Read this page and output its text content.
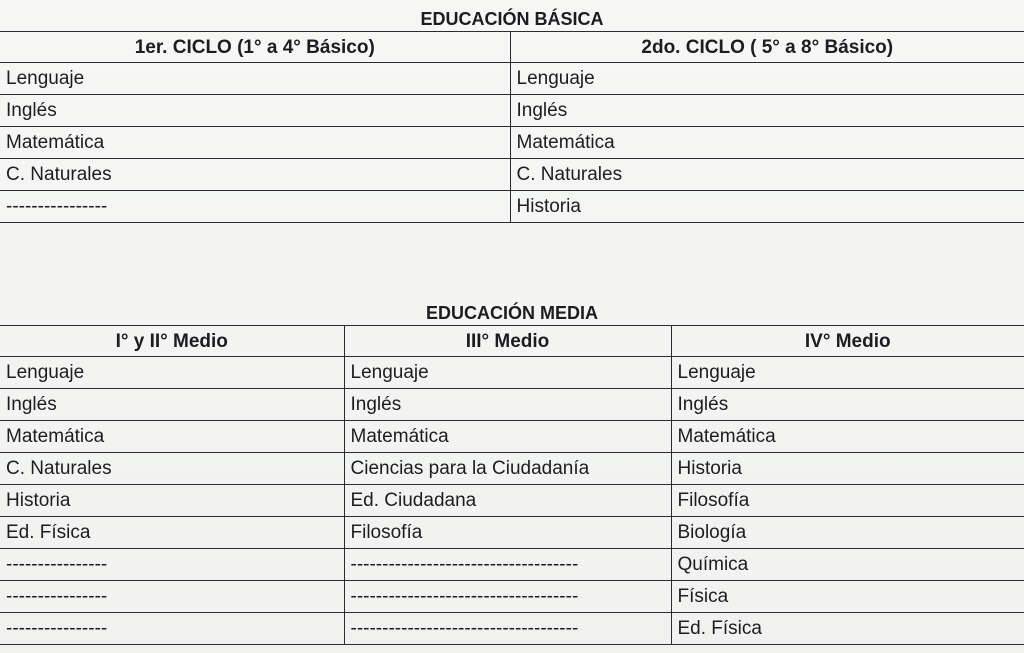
EDUCACIÓN BÁSICA	
1er. CICLO (1° a 4° Básico)	2do. CICLO ( 5° a 8° Básico)
Lenguaje	Lenguaje
Inglés	Inglés
Matemática	Matemática
C. Naturales	C. Naturales
----------------	Historia
EDUCACIÓN MEDIA		
I° y II° Medio	III° Medio	IV° Medio
Lenguaje	Lenguaje	Lenguaje
Inglés	Inglés	Inglés
Matemática	Matemática	Matemática
C. Naturales	Ciencias para la Ciudadanía	Historia
Historia	Ed. Ciudadana	Filosofía
Ed. Física	Filosofía	Biología
----------------	------------------------------------	Química
----------------	------------------------------------	Física
----------------	------------------------------------	Ed. Física
